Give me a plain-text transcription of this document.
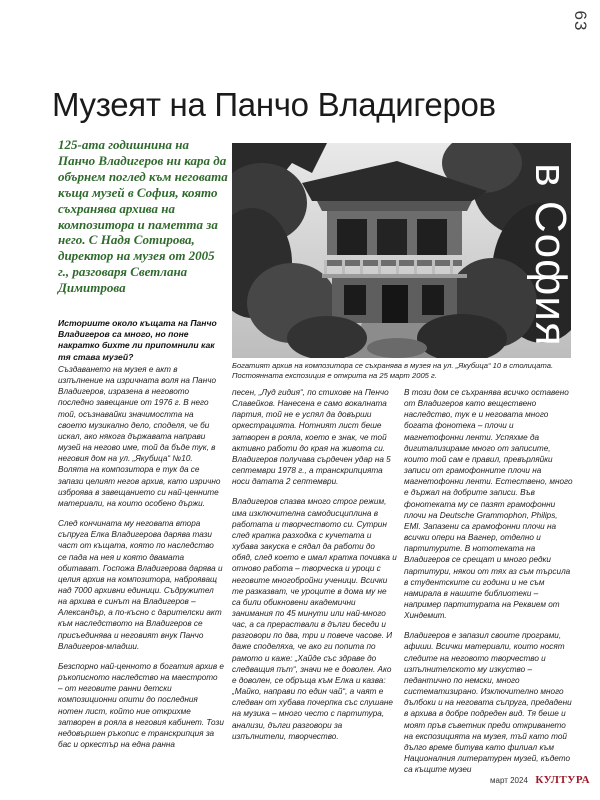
63
Музеят на Панчо Владигеров

125-ата годишнина на Панчо Владигеров ни кара да обърнем поглед към неговата къща музей в София, която съхранява архива на композитора и паметта за него. С Надя Сотирова, директор на музея от 2005 г., разговаря Светлана Димитрова	в София

Богатият архив на композитора се съхранява в музея на ул. „Якубица“ 10 в столицата. Постоянната експозиция е открита на 25 март 2005 г.

Историите около къщата на Панчо Владигеров са много, но поне накратко бихте ли припомнили как тя става музей?

Създаването на музея е акт в изпълнение на изричната воля на Панчо Владигеров, изразена в неговото последно завещание от 1976 г. В него той, осъзнавайки значимостта на своето музикално дело, споделя, че би искал, ако някога държавата направи музей на негово име, той да бъде тук, в неговия дом на ул. „Якубица“ №10. Волята на композитора е тук да се запази целият негов архив, като изрично изброява в завещанието си най-ценните материали, на които особено държи.

След кончината му неговата втора съпруга Елка Владигерова дарява тази част от къщата, която по наследство се пада на нея и която двамата обитават. Госпожа Владигерова дарява и целия архив на композитора, наброяващ над 7000 архивни единици. Съдружител на архива е синът на Владигеров – Александър, а по-късно с дарителски акт към наследството на Владигеров се присъединява и неговият внук Панчо Владигеров-младши.

Безспорно най-ценното в богатия архив е ръкописното наследство на маестрото – от неговите ранни детски композиционни опити до последния нотен лист, който ние открихме затворен в рояла в неговия кабинет. Този недовършен ръкопис е транскрипция за бас и оркестър на една ранна

песен, „Луд гидия“, по стихове на Пенчо Славейков. Нанесена е само вокалната партия, той не е успял да довърши оркестрацията. Нотният лист беше затворен в рояла, което е знак, че той активно работи до края на живота си. Владигеров получава сърдечен удар на 5 септември 1978 г., а транскрипцията носи датата 2 септември.

Владигеров спазва много строг режим, има изключителна самодисциплина в работата и творчеството си. Сутрин след кратка разходка с кучетата и хубава закуска е сядал да работи до обяд, след което е имал кратка почивка и отново работа – творческа и уроци с неговите многобройни ученици. Всички те разказват, че уроците в дома му не са били обикновени академични занимания по 45 минути или най-много час, а са прераствали в дълги беседи и разговори по два, три и повече часове. И даже споделяха, че ако ги попита по рамото и каже: „Хайде със здраве до следващия път“, значи не е доволен. Ако е доволен, се обръща към Елка и казва: „Майко, направи по един чай“, а чаят е следван от хубава почерпка със слушане на музика – много често с партитура, анализи, дълги разговори за изпълнители, творчество.

В този дом се съхранява всичко оставено от Владигеров като веществено наследство, тук е и неговата много богата фонотека – плочи и магнетофонни ленти. Успяхме да дигитализираме много от записите, които той сам е правил, превърляйки записи от грамофонните плочи на магнетофонни ленти. Естествено, много е държал на добрите записи. Във фонотеката му се пазят грамофонни плочи на Deutsche Grammophon, Philips, EMI. Запазени са грамофонни плочи на всички опери на Вагнер, отделно и партитурите. В нототеката на Владигеров се срещат и много редки партитури, някои от тях аз съм търсила в студентските си години и не съм намирала в нашите библиотеки – например партитурата на Реквием от Хиндемит.

Владигеров е запазил своите програми, афиши. Всички материали, които носят следите на неговото творчество и изпълнителското му изкуство – педантично по немски, много систематизирано. Изключително много дълбоки и на неговата съпруга, предадени в архива в добре подреден вид. Тя беше и моят пръв съветник преди откриването на експозицията на музея, тъй като той дълго време битува като филиал към Националния литературен музей, където са къщите музеи

март 2024 КУЛТУРА
